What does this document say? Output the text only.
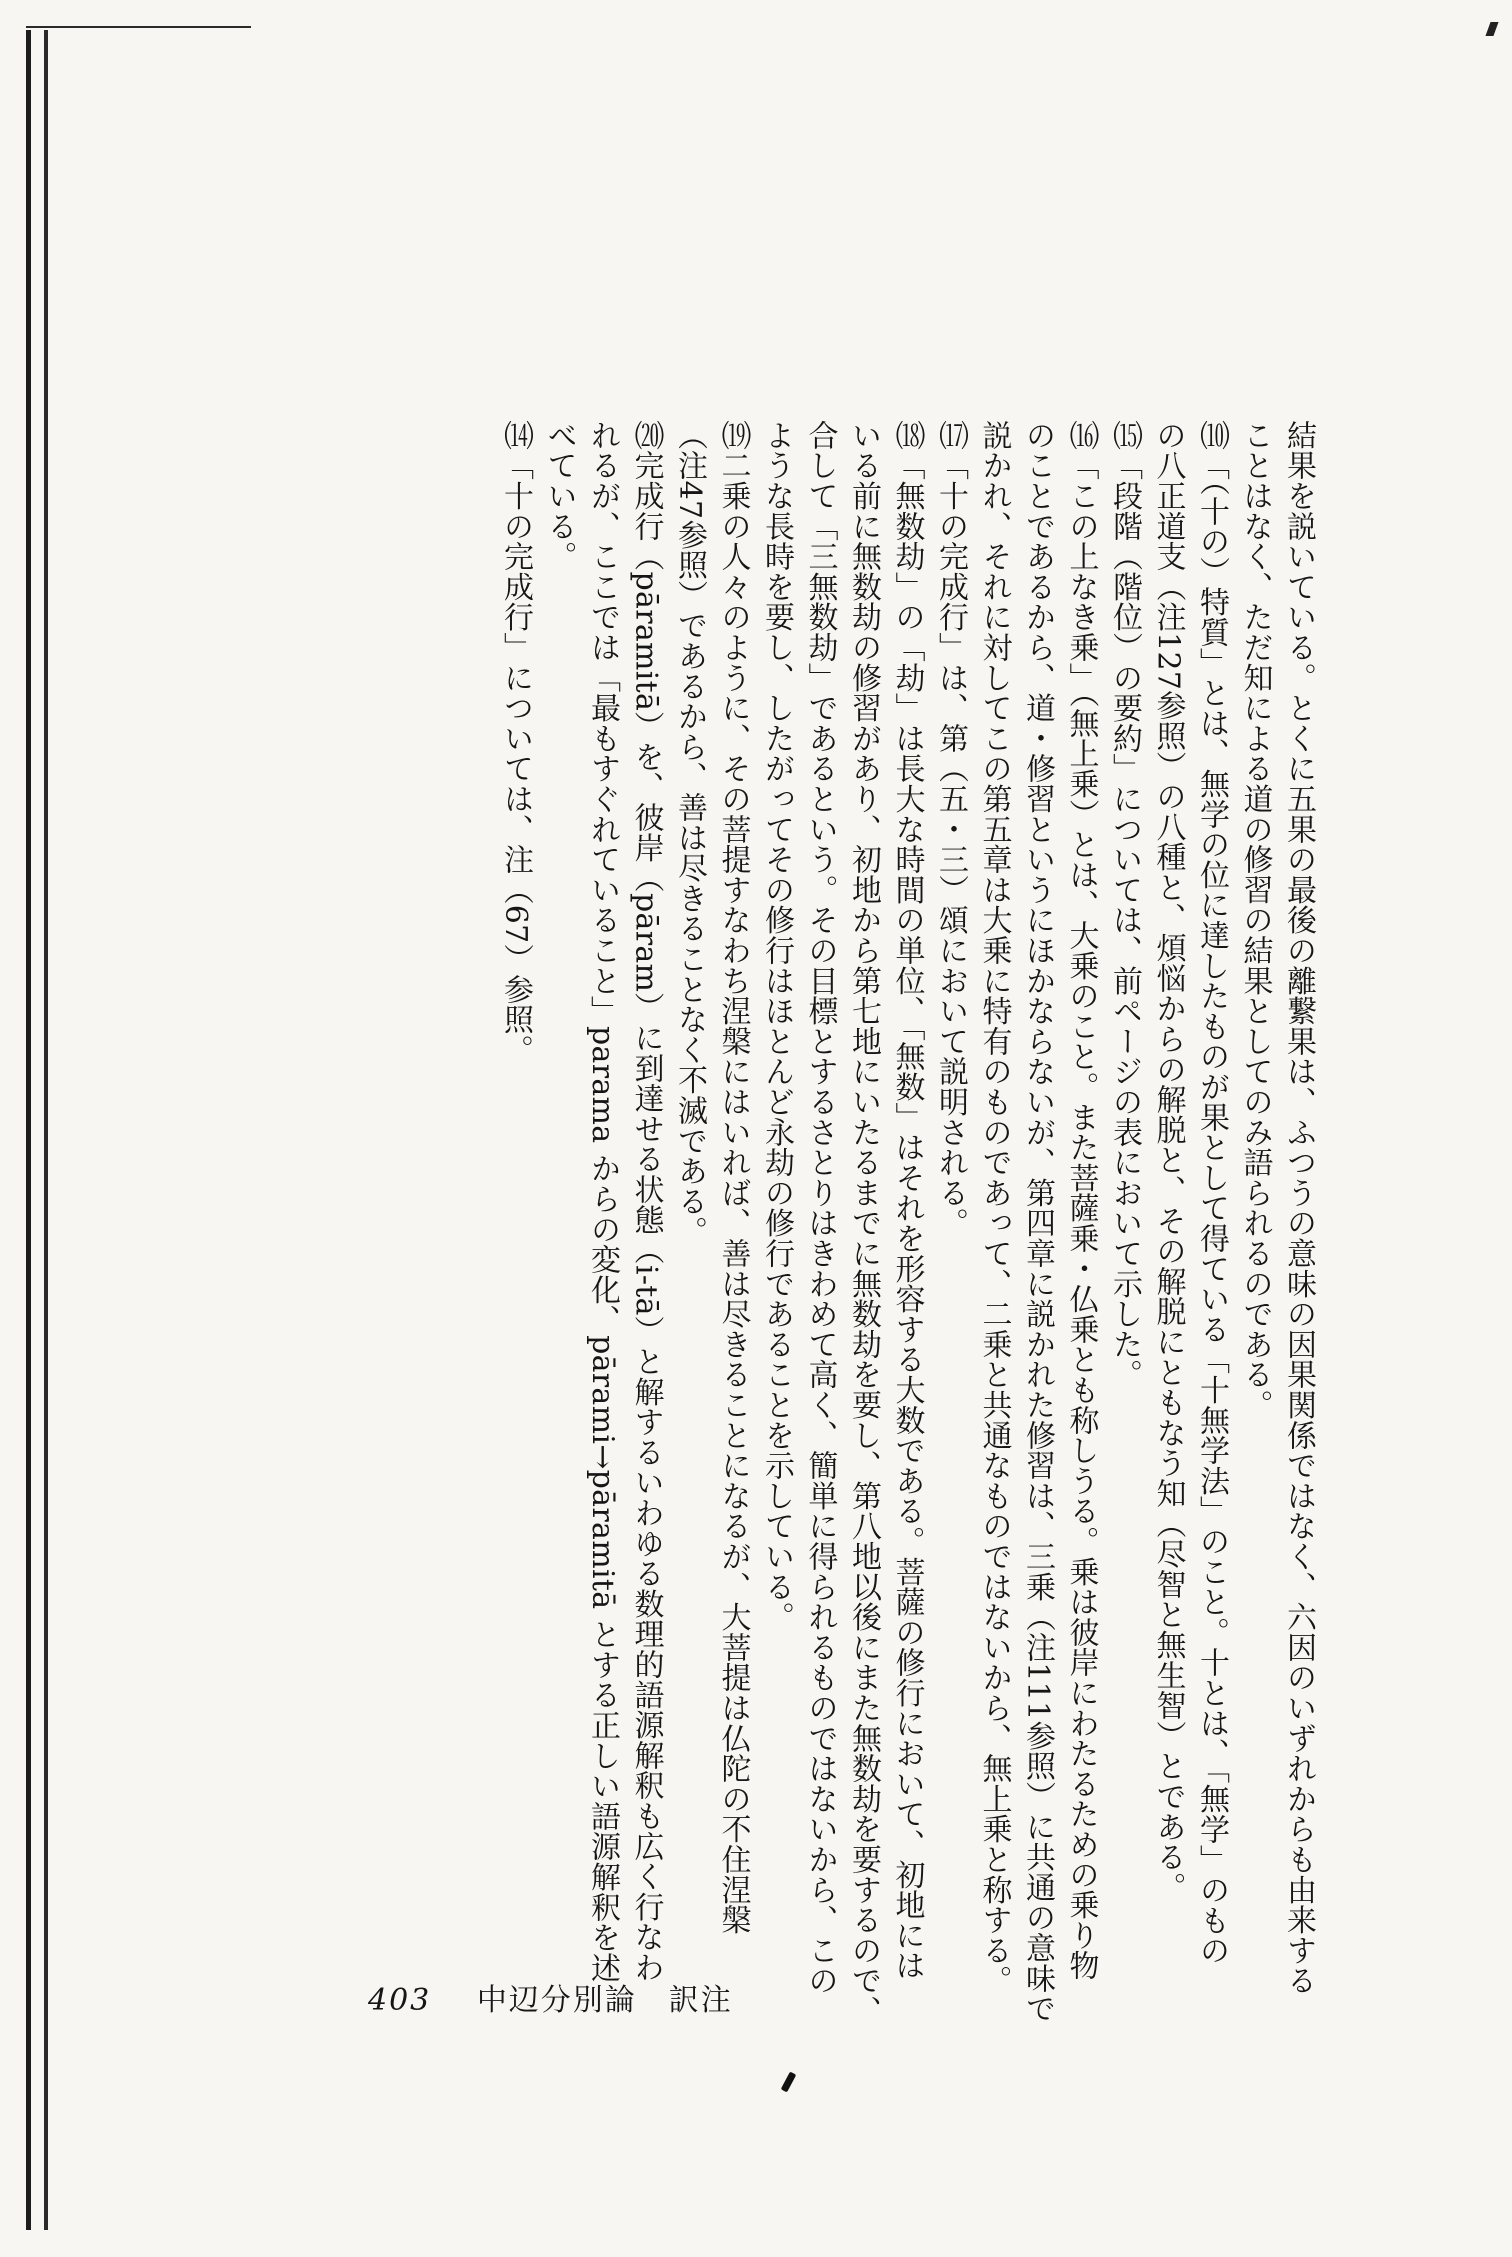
結果を説いている。とくに五果の最後の離繋果は、ふつうの意味の因果関係ではなく、六因のいずれからも由来する
ことはなく、ただ知による道の修習の結果としてのみ語られるのである。
⑽「（十の）特質」とは、無学の位に達したものが果として得ている「十無学法」のこと。十とは、「無学」のもの
の八正道支（注127参照）の八種と、煩悩からの解脱と、その解脱にともなう知（尽智と無生智）とである。
⒂「段階（階位）の要約」については、前ページの表において示した。
⒃「この上なき乗」（無上乗）とは、大乗のこと。また菩薩乗・仏乗とも称しうる。乗は彼岸にわたるための乗り物
のことであるから、道・修習というにほかならないが、第四章に説かれた修習は、三乗（注111参照）に共通の意味で
説かれ、それに対してこの第五章は大乗に特有のものであって、二乗と共通なものではないから、無上乗と称する。
⒄「十の完成行」は、第（五・三）頌において説明される。
⒅「無数劫」の「劫」は長大な時間の単位、「無数」はそれを形容する大数である。菩薩の修行において、初地には
いる前に無数劫の修習があり、初地から第七地にいたるまでに無数劫を要し、第八地以後にまた無数劫を要するので、
合して「三無数劫」であるという。その目標とするさとりはきわめて高く、簡単に得られるものではないから、この
ような長時を要し、したがってその修行はほとんど永劫の修行であることを示している。
⒆二乗の人々のように、その菩提すなわち涅槃にはいれば、善は尽きることになるが、大菩提は仏陀の不住涅槃
（注47参照）であるから、善は尽きることなく不滅である。
⒇完成行（pāramitā）を、彼岸（pāram）に到達せる状態（i-tā）と解するいわゆる数理的語源解釈も広く行なわ
れるが、ここでは「最もすぐれていること」parama からの変化、pārami→pāramitā とする正しい語源解釈を述
べている。
⒁「十の完成行」については、注（67）参照。
403 中辺分別論　訳注
